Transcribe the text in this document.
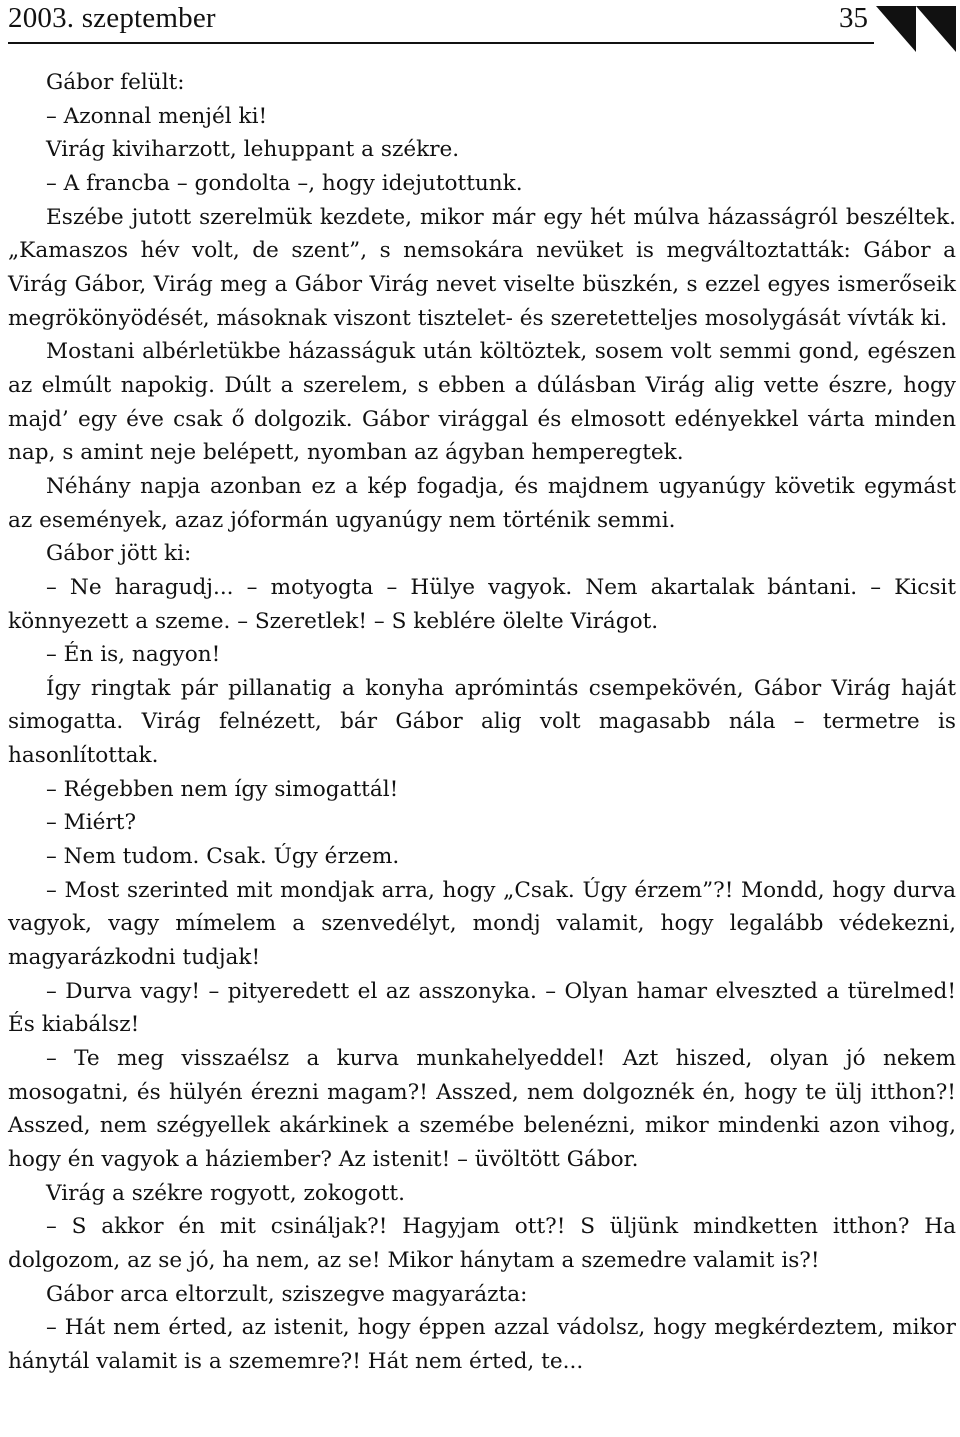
2003. szeptember	35

Gábor felült:

– Azonnal menjél ki!

Virág kiviharzott, lehuppant a székre.

– A francba – gondolta –, hogy idejutottunk.

Eszébe jutott szerelmük kezdete, mikor már egy hét múlva házasságról beszéltek. „Kamaszos hév volt, de szent”, s nemsokára nevüket is megváltoztatták: Gábor a Virág Gábor, Virág meg a Gábor Virág nevet viselte büszkén, s ezzel egyes ismerőseik megrökönyödését, másoknak viszont tisztelet- és szeretetteljes mosolygását vívták ki.

Mostani albérletükbe házasságuk után költöztek, sosem volt semmi gond, egészen az elmúlt napokig. Dúlt a szerelem, s ebben a dúlásban Virág alig vette észre, hogy majd’ egy éve csak ő dolgozik. Gábor virággal és elmosott edényekkel várta minden nap, s amint neje belépett, nyomban az ágyban hemperegtek.

Néhány napja azonban ez a kép fogadja, és majdnem ugyanúgy követik egymást az események, azaz jóformán ugyanúgy nem történik semmi.

Gábor jött ki:

– Ne haragudj... – motyogta – Hülye vagyok. Nem akartalak bántani. – Kicsit könnyezett a szeme. – Szeretlek! – S keblére ölelte Virágot.

– Én is, nagyon!

Így ringtak pár pillanatig a konyha aprómintás csempekövén, Gábor Virág haját simogatta. Virág felnézett, bár Gábor alig volt magasabb nála – termetre is hasonlítottak.

– Régebben nem így simogattál!

– Miért?

– Nem tudom. Csak. Úgy érzem.

– Most szerinted mit mondjak arra, hogy „Csak. Úgy érzem”?! Mondd, hogy durva vagyok, vagy mímelem a szenvedélyt, mondj valamit, hogy legalább védekezni, magyarázkodni tudjak!

– Durva vagy! – pityeredett el az asszonyka. – Olyan hamar elveszted a türelmed! És kiabálsz!

– Te meg visszaélsz a kurva munkahelyeddel! Azt hiszed, olyan jó nekem mosogatni, és hülyén érezni magam?! Asszed, nem dolgoznék én, hogy te ülj itthon?! Asszed, nem szégyellek akárkinek a szemébe belenézni, mikor mindenki azon vihog, hogy én vagyok a háziember? Az istenit! – üvöltött Gábor.

Virág a székre rogyott, zokogott.

– S akkor én mit csináljak?! Hagyjam ott?! S üljünk mindketten itthon? Ha dolgozom, az se jó, ha nem, az se! Mikor hánytam a szemedre valamit is?!

Gábor arca eltorzult, sziszegve magyarázta:

– Hát nem érted, az istenit, hogy éppen azzal vádolsz, hogy megkérdeztem, mikor hánytál valamit is a szememre?! Hát nem érted, te...
